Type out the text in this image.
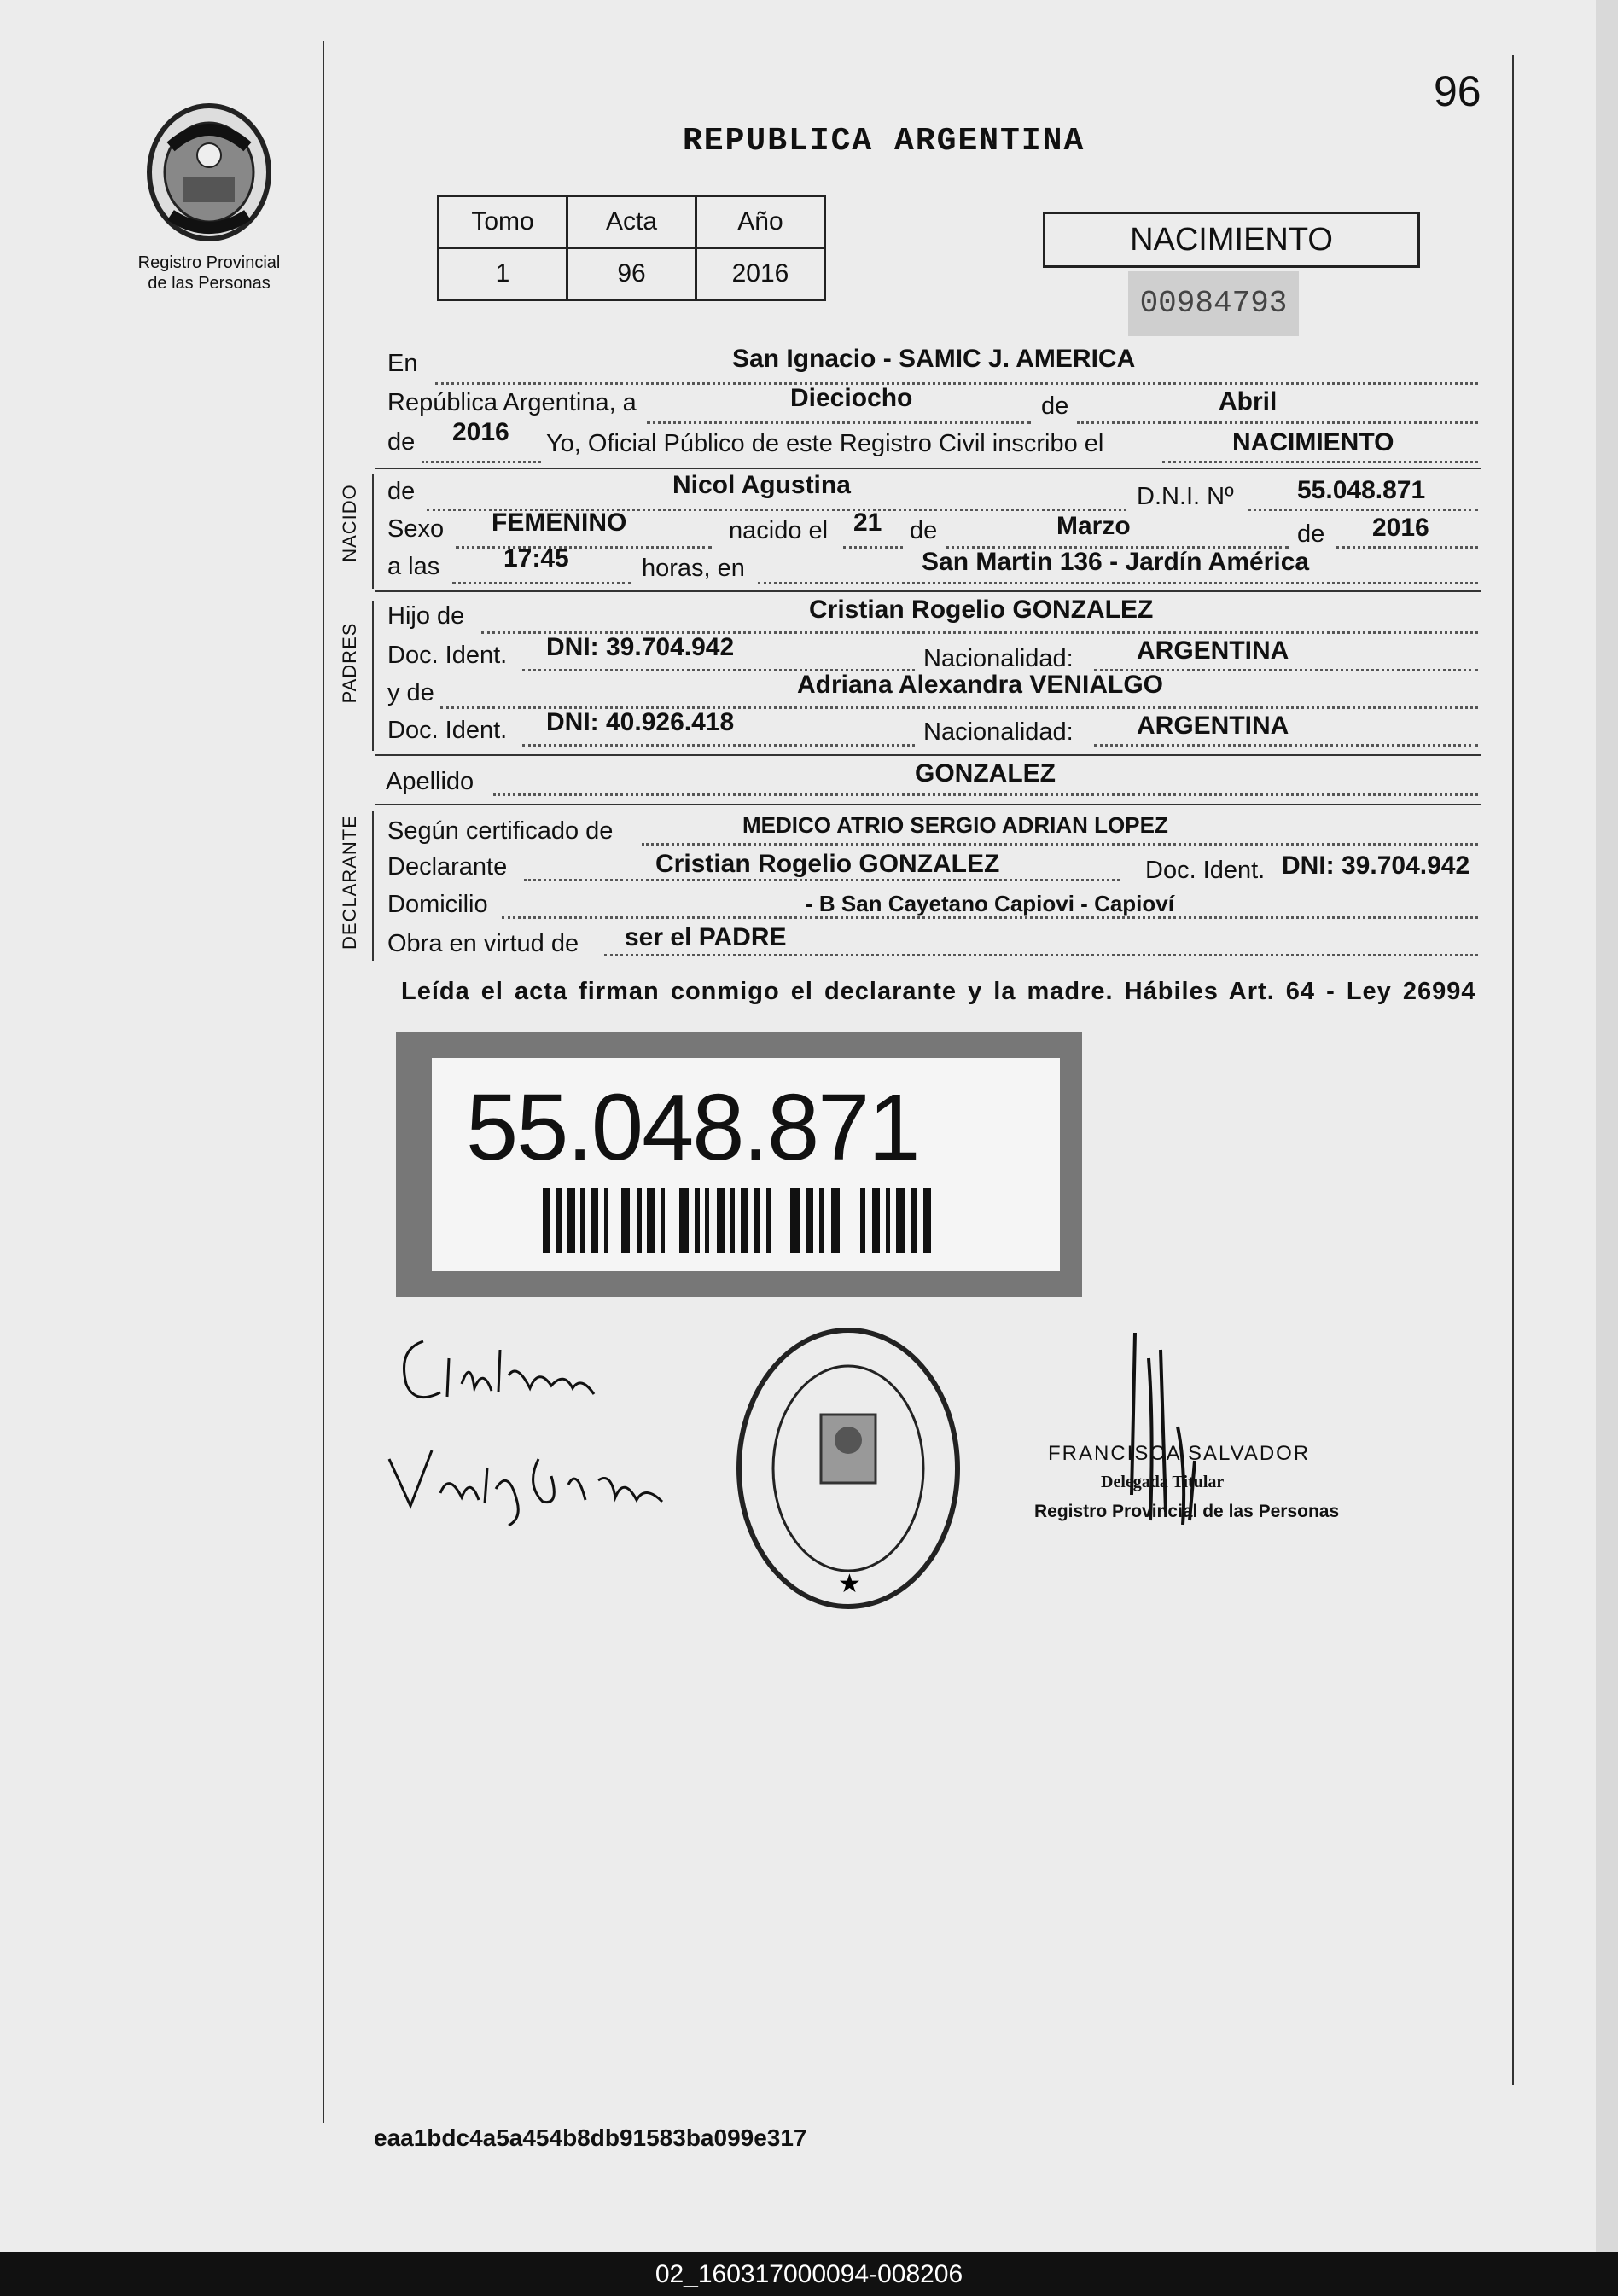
Registro Provincial
de las Personas
96
REPUBLICA ARGENTINA
Tomo	Acta	Año
1	96	2016
NACIMIENTO
00984793
NACIDO
PADRES
DECLARANTE
En	San Ignacio - SAMIC J. AMERICA
República Argentina, a	Dieciocho	de	Abril
de 2016 Yo, Oficial Público de este Registro Civil inscribo el	NACIMIENTO
de	Nicol Agustina	D.N.I. Nº 55.048.871
Sexo FEMENINO	nacido el 21 de	Marzo	de 2016
a las 17:45	horas, en	San Martin 136 - Jardín América
Hijo de	Cristian Rogelio GONZALEZ
Doc. Ident. DNI: 39.704.942	Nacionalidad: ARGENTINA
y de	Adriana Alexandra VENIALGO
Doc. Ident. DNI: 40.926.418	Nacionalidad: ARGENTINA
Apellido	GONZALEZ
Según certificado de	MEDICO ATRIO SERGIO ADRIAN LOPEZ
Declarante	Cristian Rogelio GONZALEZ	Doc. Ident. DNI: 39.704.942
Domicilio	- B San Cayetano Capiovi - Capioví
Obra en virtud de ser el PADRE
Leída el acta firman conmigo el declarante y la madre. Hábiles Art. 64 - Ley 26994
55.048.871
★
FRANCISCA SALVADOR
Delegada Titular
Registro Provincial de las Personas
eaa1bdc4a5a454b8db91583ba099e317
02_160317000094-008206
